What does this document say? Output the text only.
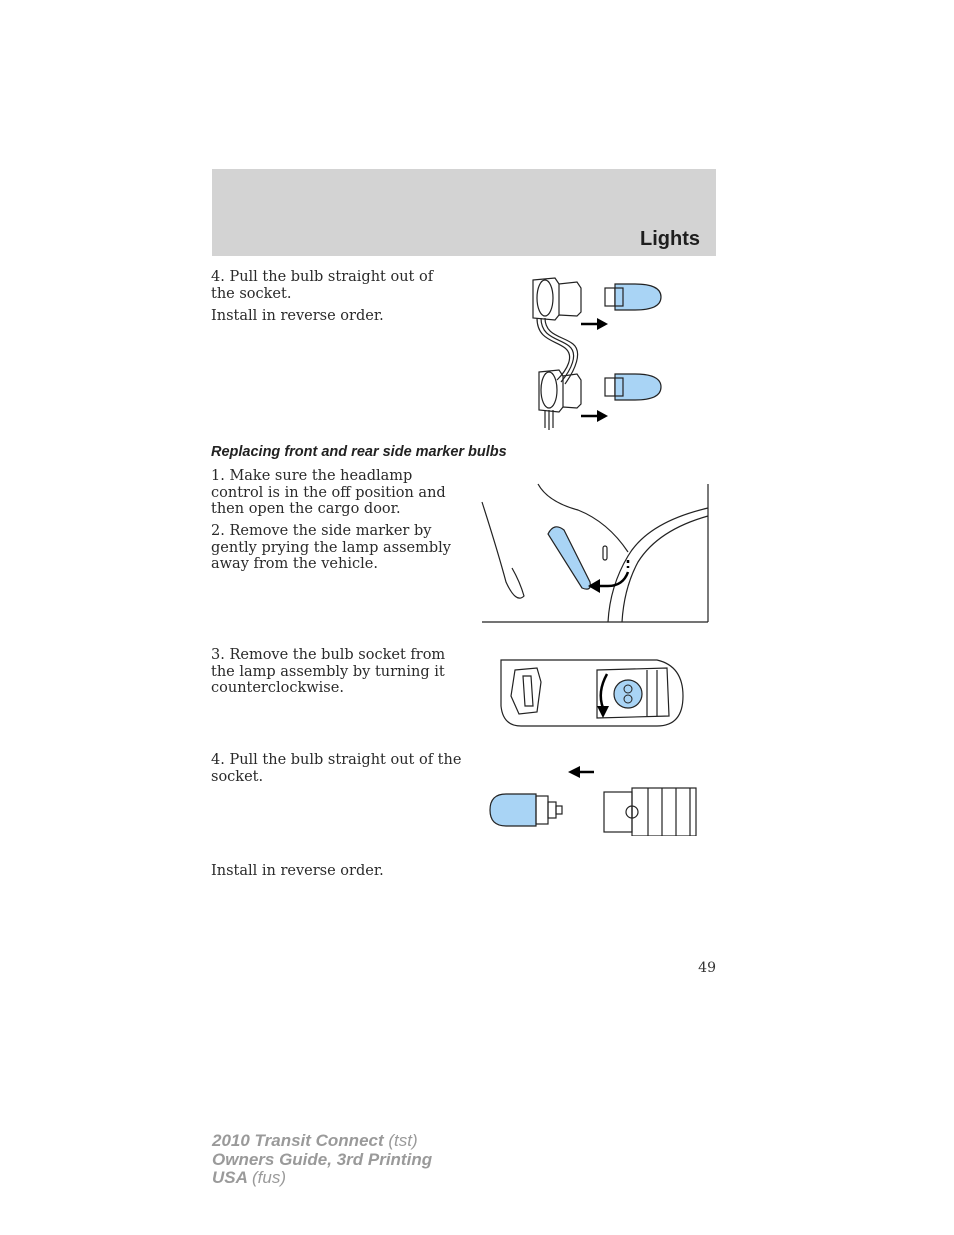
Lights

4. Pull the bulb straight out of the socket.

Install in reverse order.

Replacing front and rear side marker bulbs

1. Make sure the headlamp control is in the off position and then open the cargo door.

2. Remove the side marker by gently prying the lamp assembly away from the vehicle.

3. Remove the bulb socket from the lamp assembly by turning it counterclockwise.

4. Pull the bulb straight out of the socket.

Install in reverse order.

49
2010 Transit Connect (tst)
Owners Guide, 3rd Printing
USA (fus)
